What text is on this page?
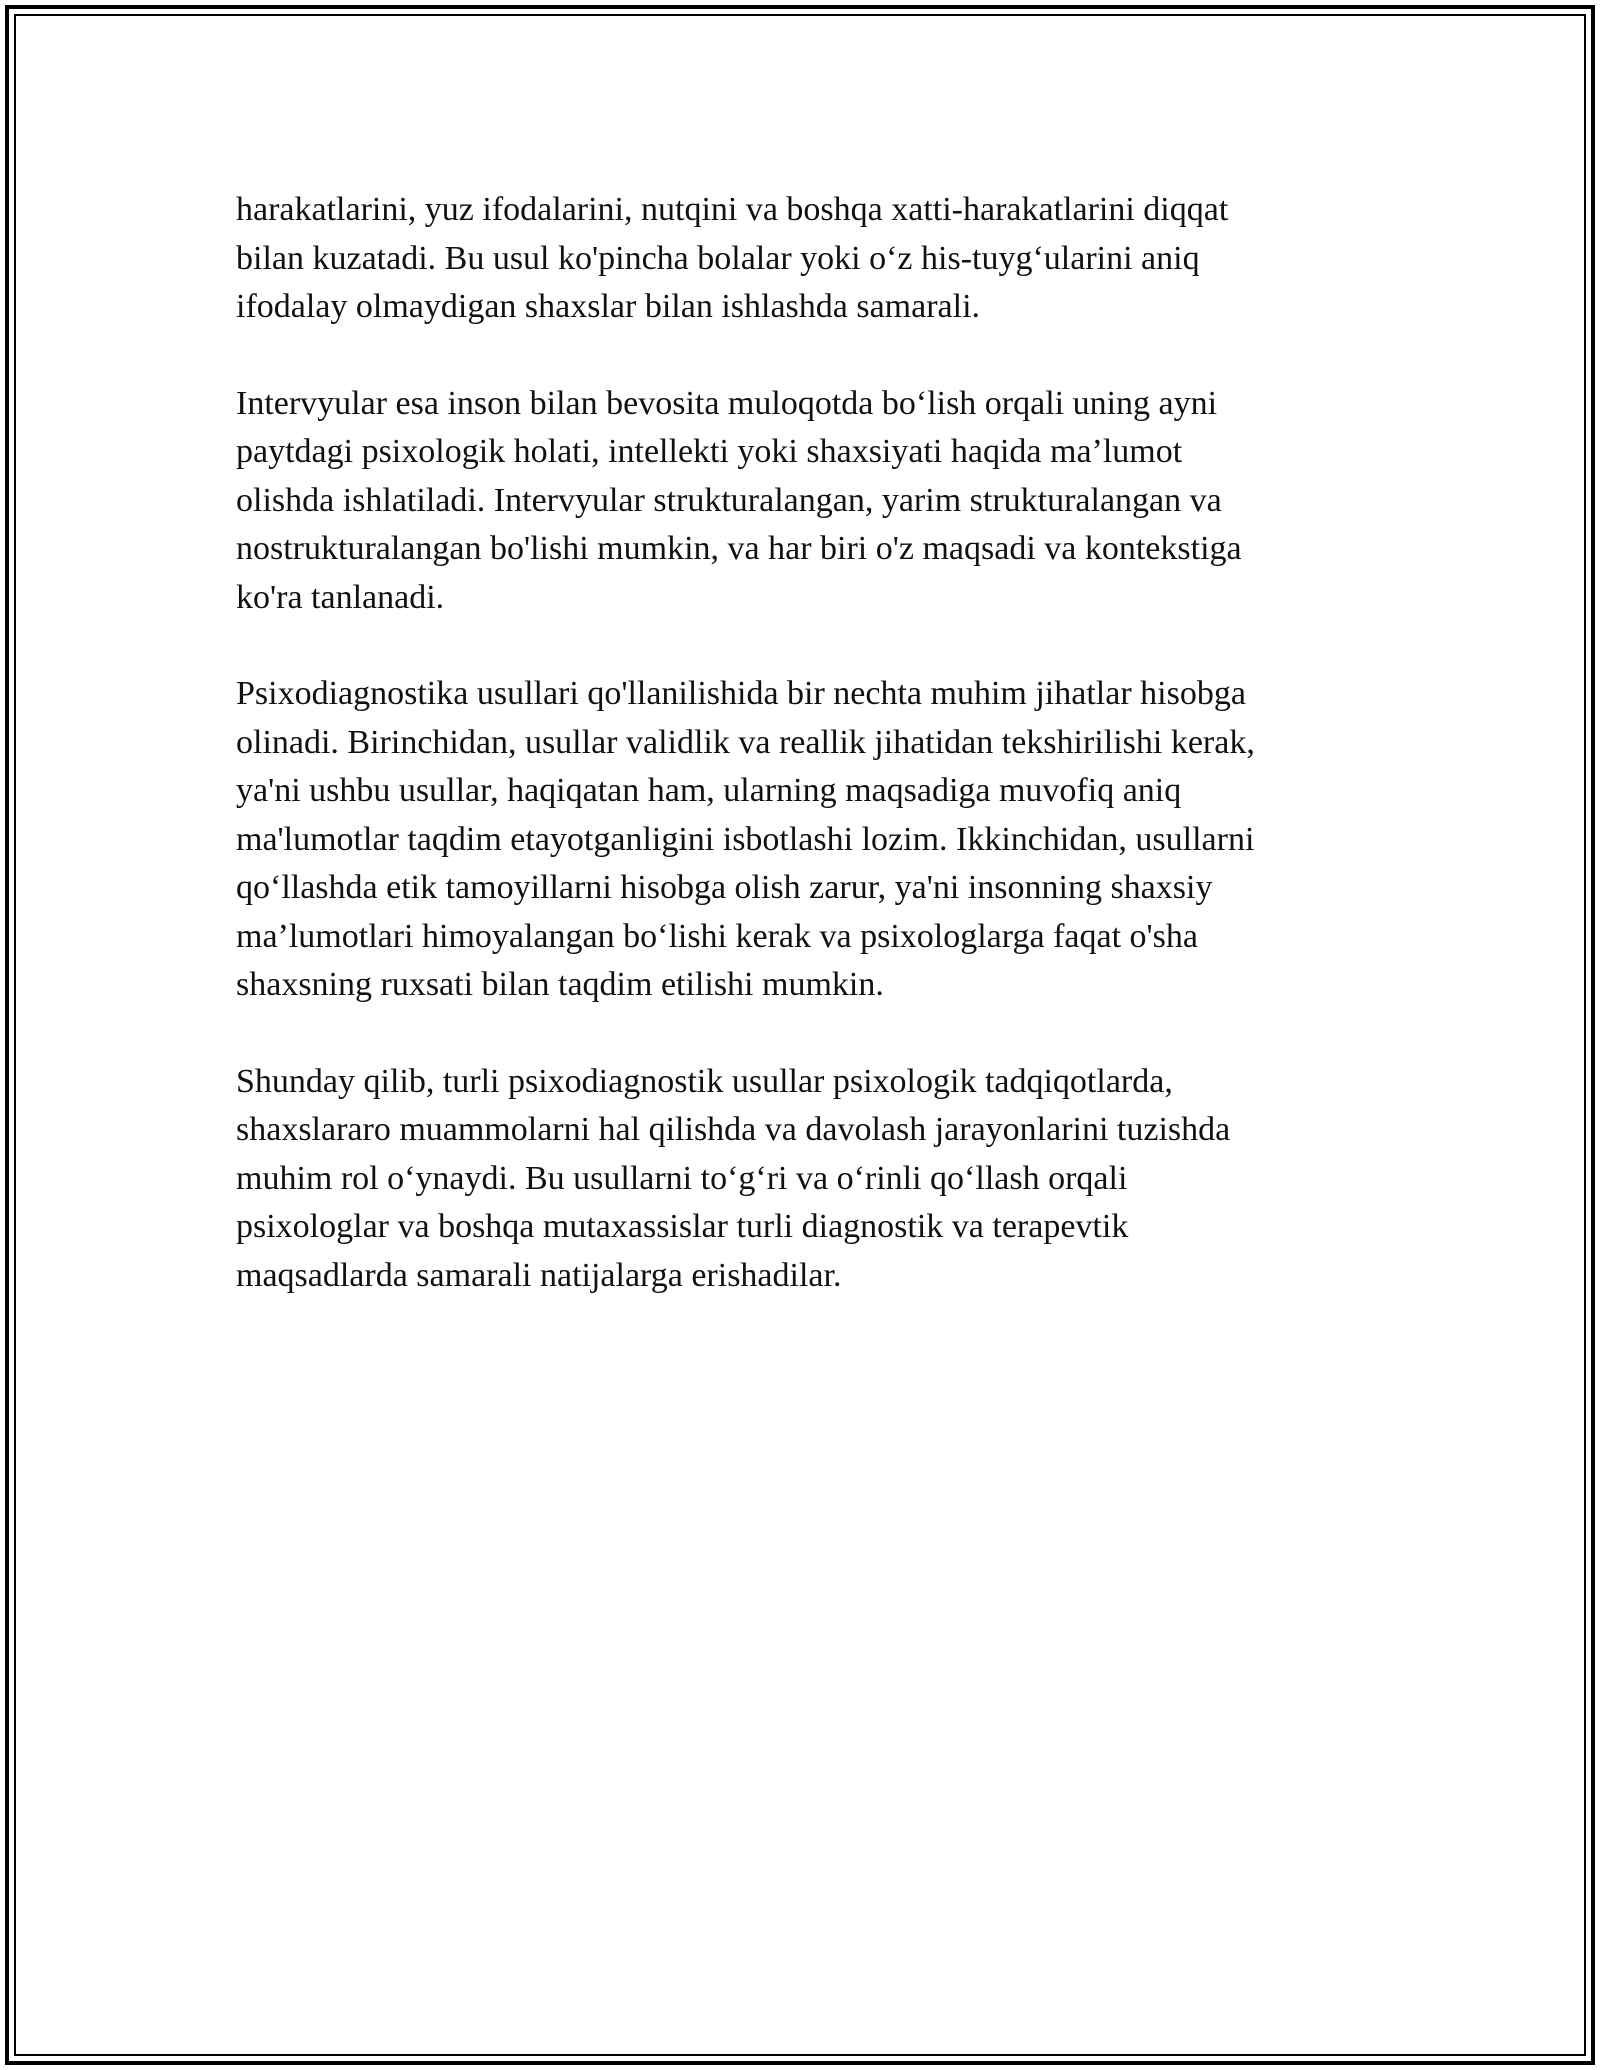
harakatlarini, yuz ifodalarini, nutqini va boshqa xatti-harakatlarini diqqat
bilan kuzatadi. Bu usul ko'pincha bolalar yoki o‘z his-tuyg‘ularini aniq
ifodalay olmaydigan shaxslar bilan ishlashda samarali.

Intervyular esa inson bilan bevosita muloqotda bo‘lish orqali uning ayni
paytdagi psixologik holati, intellekti yoki shaxsiyati haqida ma’lumot
olishda ishlatiladi. Intervyular strukturalangan, yarim strukturalangan va
nostrukturalangan bo'lishi mumkin, va har biri o'z maqsadi va kontekstiga
ko'ra tanlanadi.

Psixodiagnostika usullari qo'llanilishida bir nechta muhim jihatlar hisobga
olinadi. Birinchidan, usullar validlik va reallik jihatidan tekshirilishi kerak,
ya'ni ushbu usullar, haqiqatan ham, ularning maqsadiga muvofiq aniq
ma'lumotlar taqdim etayotganligini isbotlashi lozim. Ikkinchidan, usullarni
qo‘llashda etik tamoyillarni hisobga olish zarur, ya'ni insonning shaxsiy
ma’lumotlari himoyalangan bo‘lishi kerak va psixologlarga faqat o'sha
shaxsning ruxsati bilan taqdim etilishi mumkin.

Shunday qilib, turli psixodiagnostik usullar psixologik tadqiqotlarda,
shaxslararo muammolarni hal qilishda va davolash jarayonlarini tuzishda
muhim rol o‘ynaydi. Bu usullarni to‘g‘ri va o‘rinli qo‘llash orqali
psixologlar va boshqa mutaxassislar turli diagnostik va terapevtik
maqsadlarda samarali natijalarga erishadilar.
